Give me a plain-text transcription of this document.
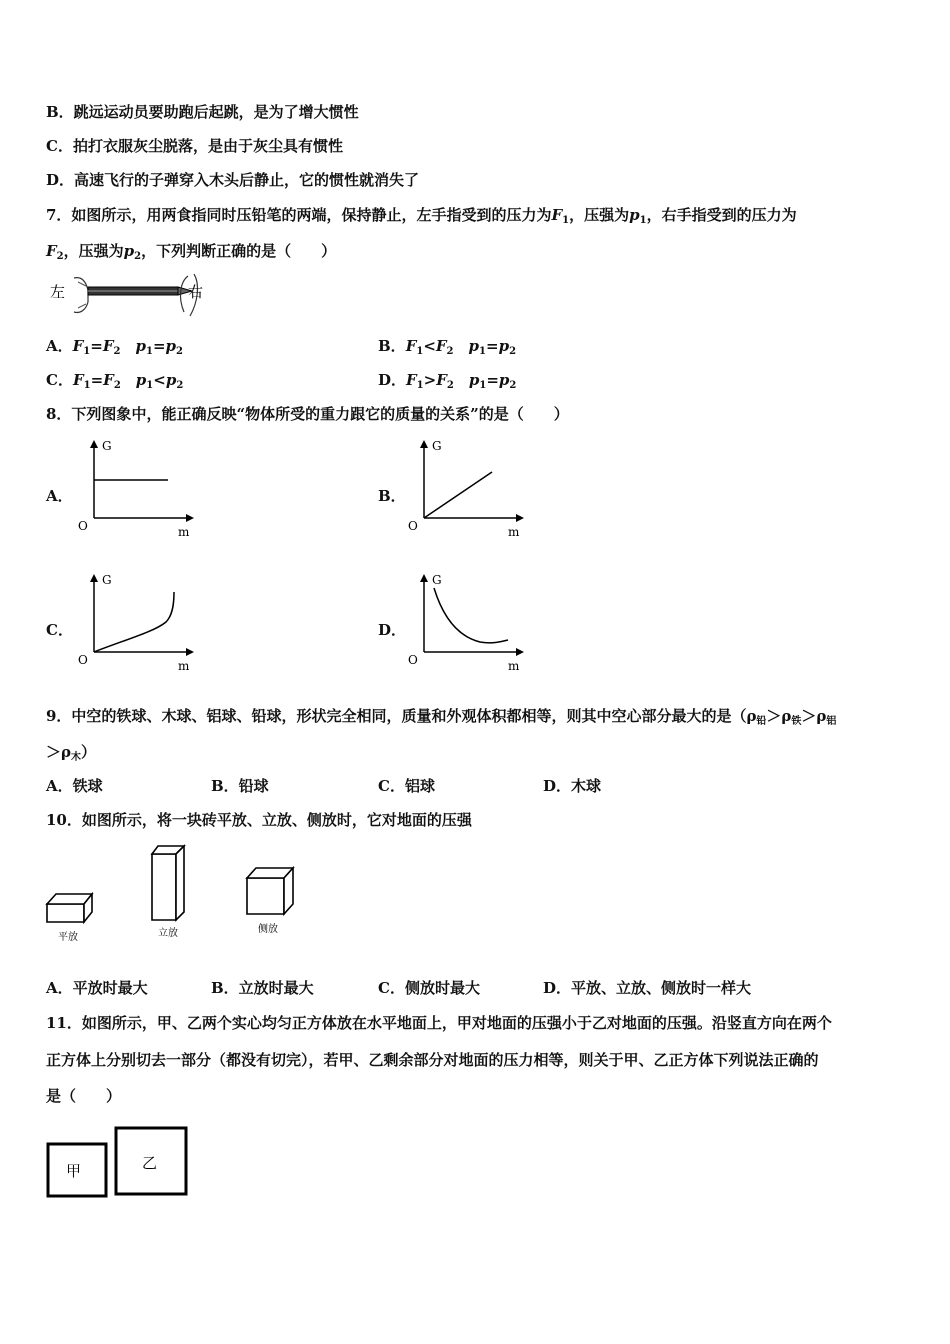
B．跳远运动员要助跑后起跳，是为了增大惯性
C．拍打衣服灰尘脱落，是由于灰尘具有惯性
D．高速飞行的子弹穿入木头后静止，它的惯性就消失了
7．如图所示，用两食指同时压铅笔的两端，保持静止，左手指受到的压力为$F_1$，压强为$p_1$，右手指受到的压力为
$F_2$，压强为$p_2$，下列判断正确的是（　　）
左	右
A．$F_1=F_2$　 $p_1=p_2$	B．$F_1<F_2$　 $p_1=p_2$
C．$F_1=F_2$　 $p_1<p_2$	D．$F_1>F_2$　 $p_1=p_2$
8．下列图象中，能正确反映“物体所受的重力跟它的质量的关系”的是（　　）
A．
G
m
O
B．
G
m
O
C．
G
m
O
D．
G
m
O
9．中空的铁球、木球、铝球、铅球，形状完全相同，质量和外观体积都相等，则其中空心部分最大的是（$\rho_铅>\rho_铁>\rho_铝$
$>\rho_木$）
A．铁球	B．铅球	C．铝球	D．木球
10．如图所示，将一块砖平放、立放、侧放时，它对地面的压强
平放	立放	侧放
A．平放时最大	B．立放时最大	C．侧放时最大	D．平放、立放、侧放时一样大
11．如图所示，甲、乙两个实心均匀正方体放在水平地面上，甲对地面的压强小于乙对地面的压强。沿竖直方向在两个
正方体上分别切去一部分（都没有切完），若甲、乙剩余部分对地面的压力相等，则关于甲、乙正方体下列说法正确的
是（　　）
甲	乙
